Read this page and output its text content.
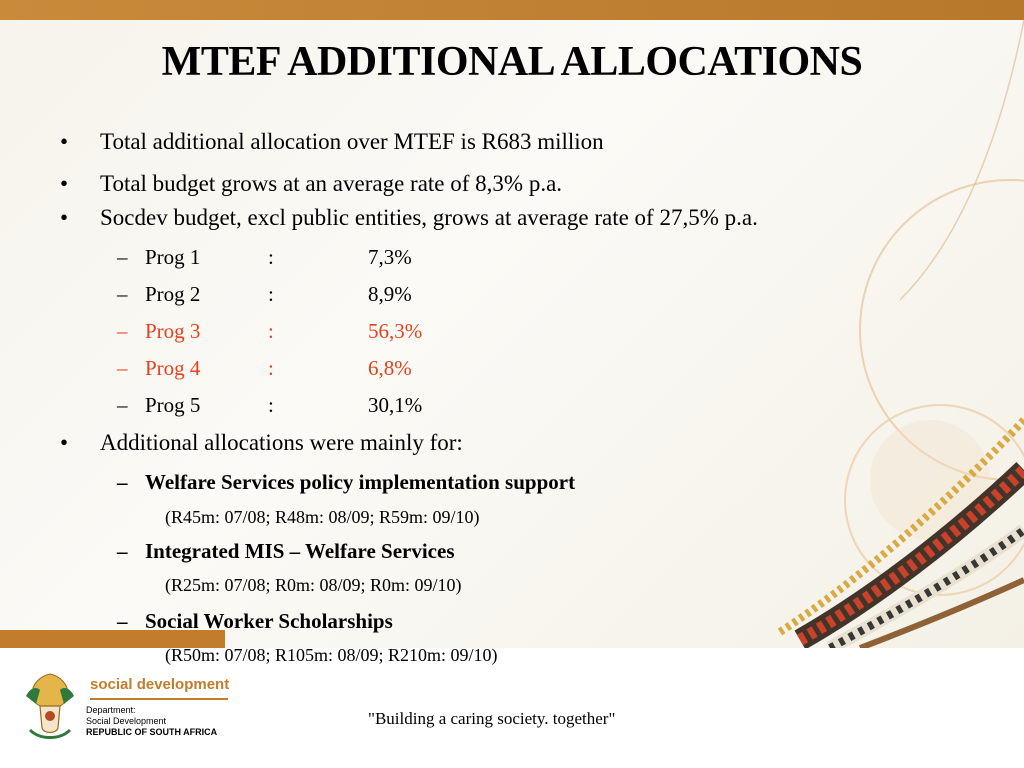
MTEF ADDITIONAL ALLOCATIONS
• Total additional allocation over MTEF is R683 million
• Total budget grows at an average rate of 8,3% p.a.
• Socdev budget, excl public entities, grows at average rate of 27,5% p.a.
– Prog 1	:	7,3%
– Prog 2	:	8,9%
– Prog 3	:	56,3%
– Prog 4	:	6,8%
– Prog 5	:	30,1%
• Additional allocations were mainly for:
– Welfare Services policy implementation support
(R45m: 07/08; R48m: 08/09; R59m: 09/10)
– Integrated MIS – Welfare Services
(R25m: 07/08; R0m: 08/09; R0m: 09/10)
– Social Worker Scholarships
(R50m: 07/08; R105m: 08/09; R210m: 09/10)
social development
Department:
Social Development
REPUBLIC OF SOUTH AFRICA
"Building a caring society. together"
